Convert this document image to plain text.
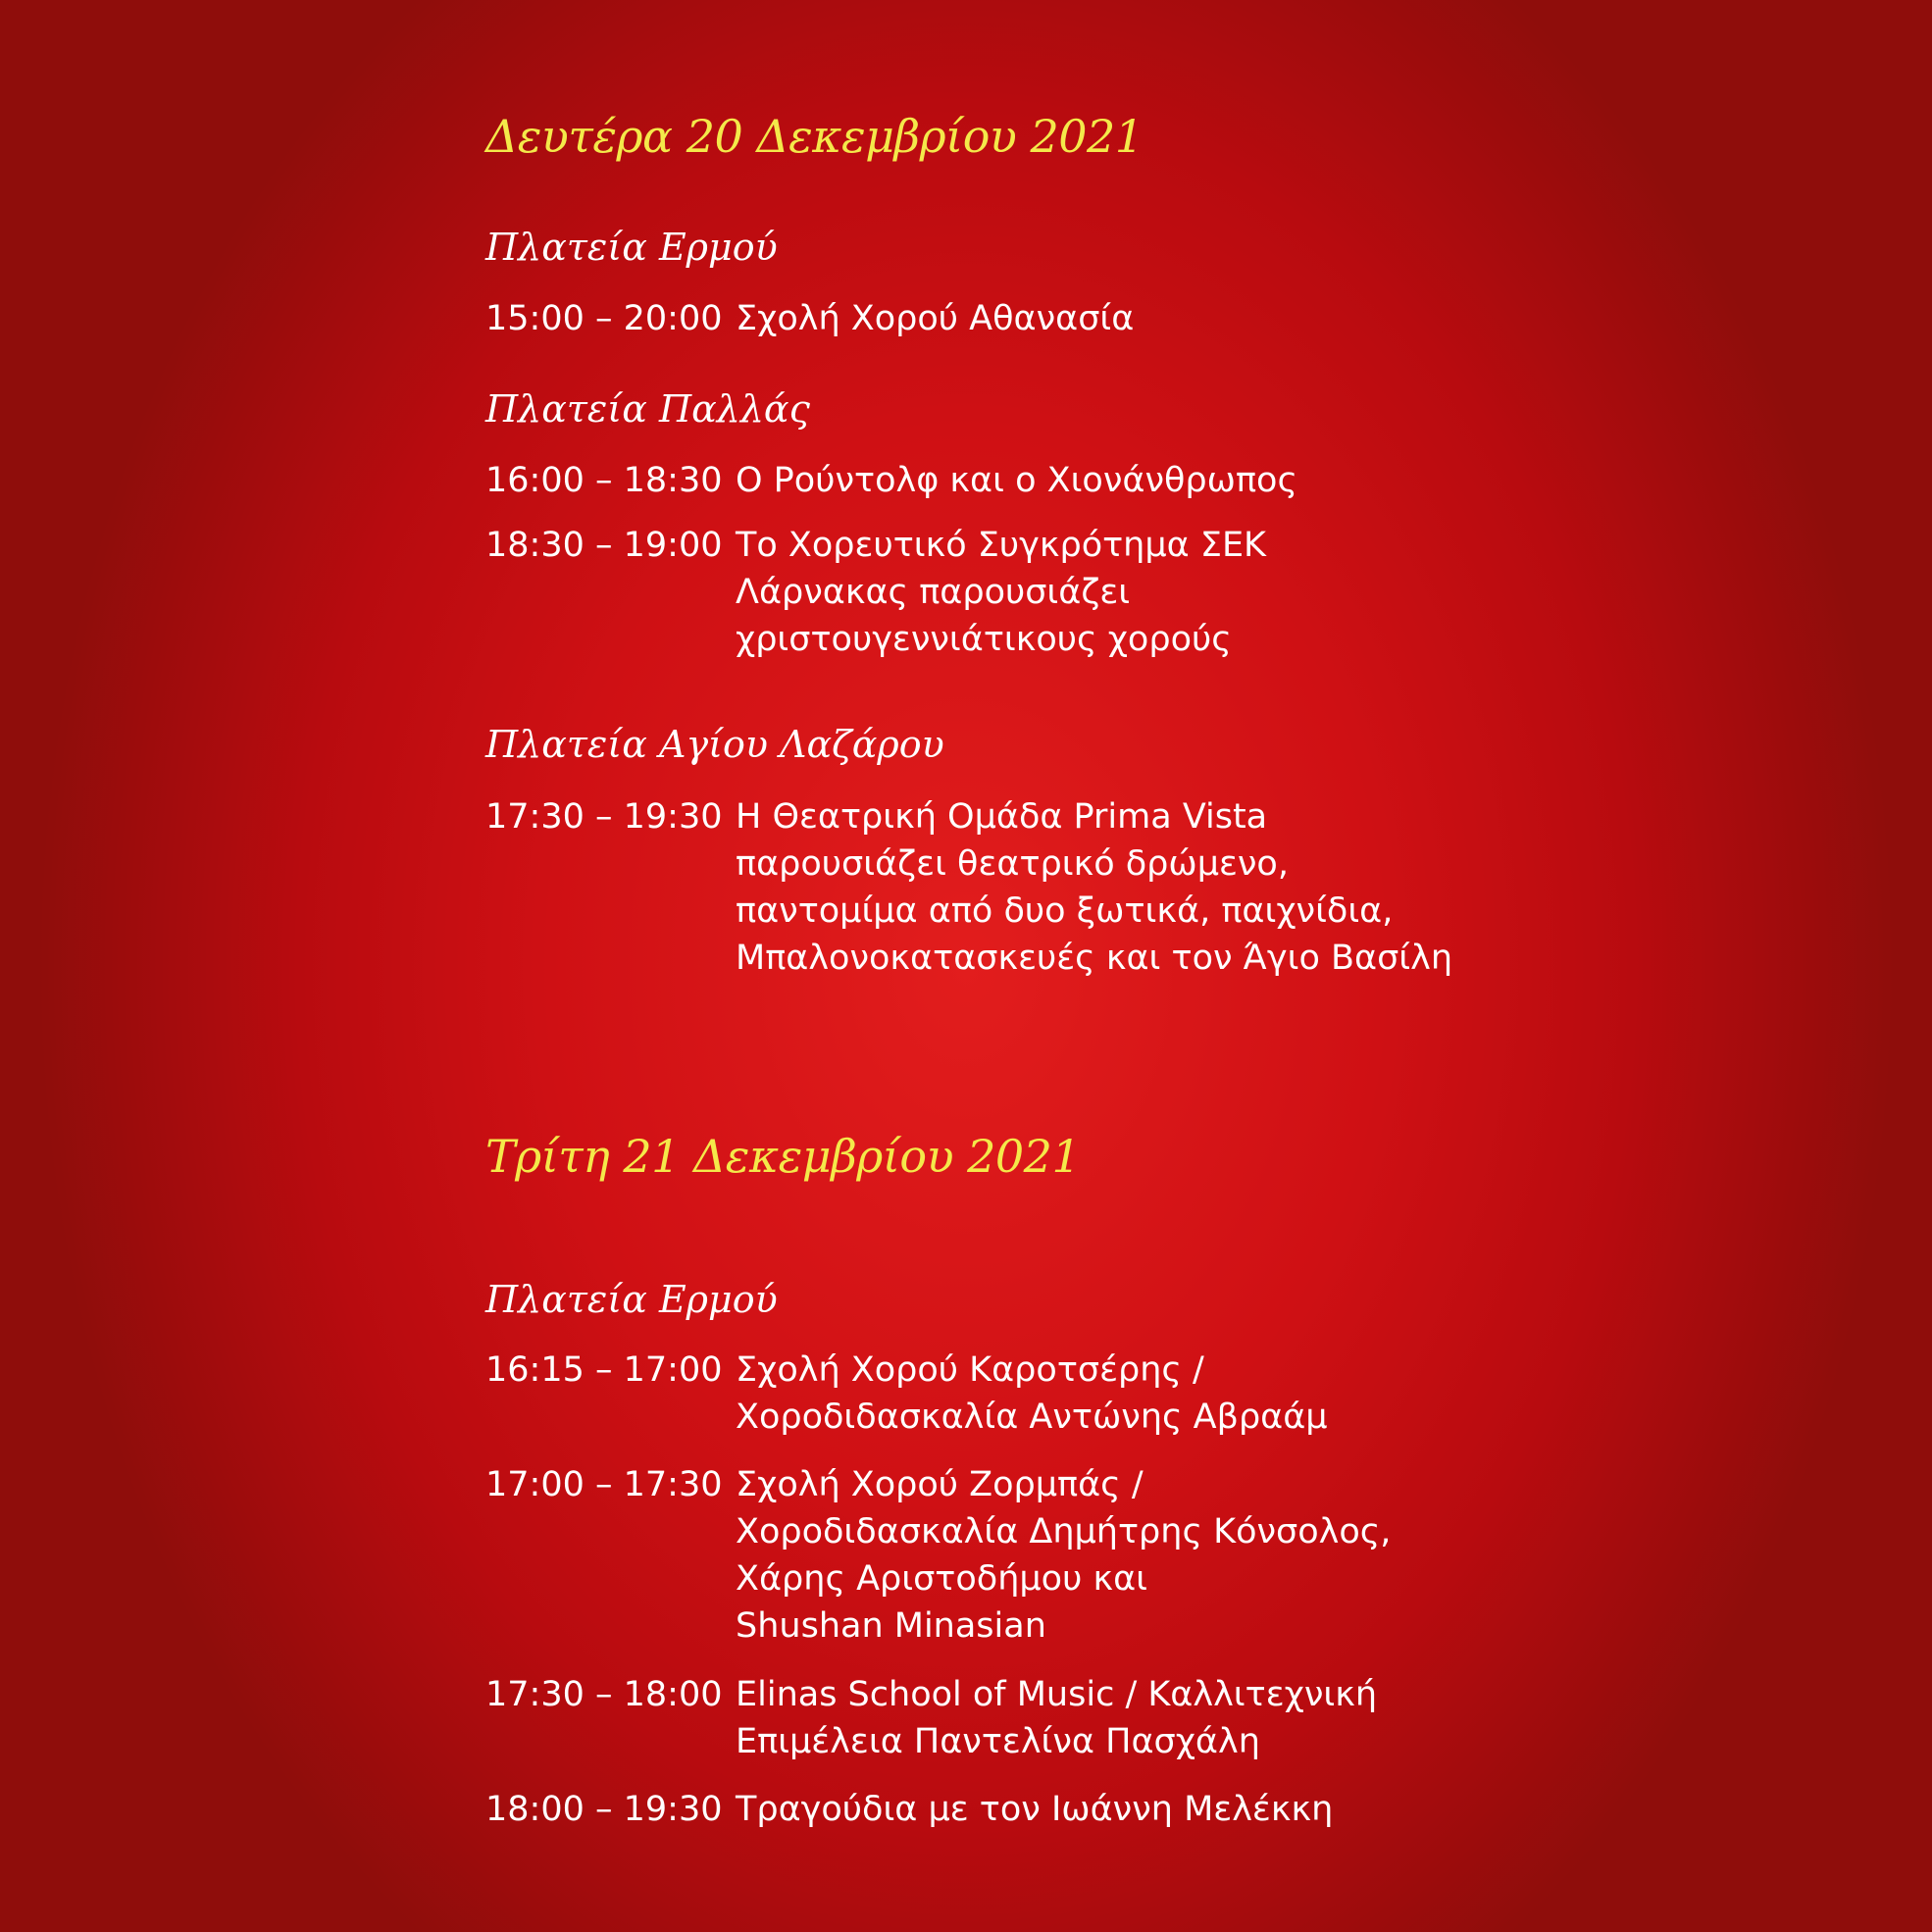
Δευτέρα 20 Δεκεμβρίου 2021
Πλατεία Ερμού
15:00 – 20:00 Σχολή Χορού Αθανασία
Πλατεία Παλλάς
16:00 – 18:30 Ο Ρούντολφ και ο Χιονάνθρωπος
18:30 – 19:00 Το Χορευτικό Συγκρότημα ΣΕΚ
Λάρνακας παρουσιάζει
χριστουγεννιάτικους χορούς
Πλατεία Αγίου Λαζάρου
17:30 – 19:30 Η Θεατρική Ομάδα Prima Vista
παρουσιάζει θεατρικό δρώμενο,
παντομίμα από δυο ξωτικά, παιχνίδια,
Μπαλονοκατασκευές και τον Άγιο Βασίλη
Τρίτη 21 Δεκεμβρίου 2021
Πλατεία Ερμού
16:15 – 17:00 Σχολή Χορού Καροτσέρης /
Χοροδιδασκαλία Αντώνης Αβραάμ
17:00 – 17:30 Σχολή Χορού Ζορμπάς /
Χοροδιδασκαλία Δημήτρης Κόνσολος,
Χάρης Αριστοδήμου και
Shushan Minasian
17:30 – 18:00 Elinas School of Music / Καλλιτεχνική
Επιμέλεια Παντελίνα Πασχάλη
18:00 – 19:30 Τραγούδια με τον Ιωάννη Μελέκκη
